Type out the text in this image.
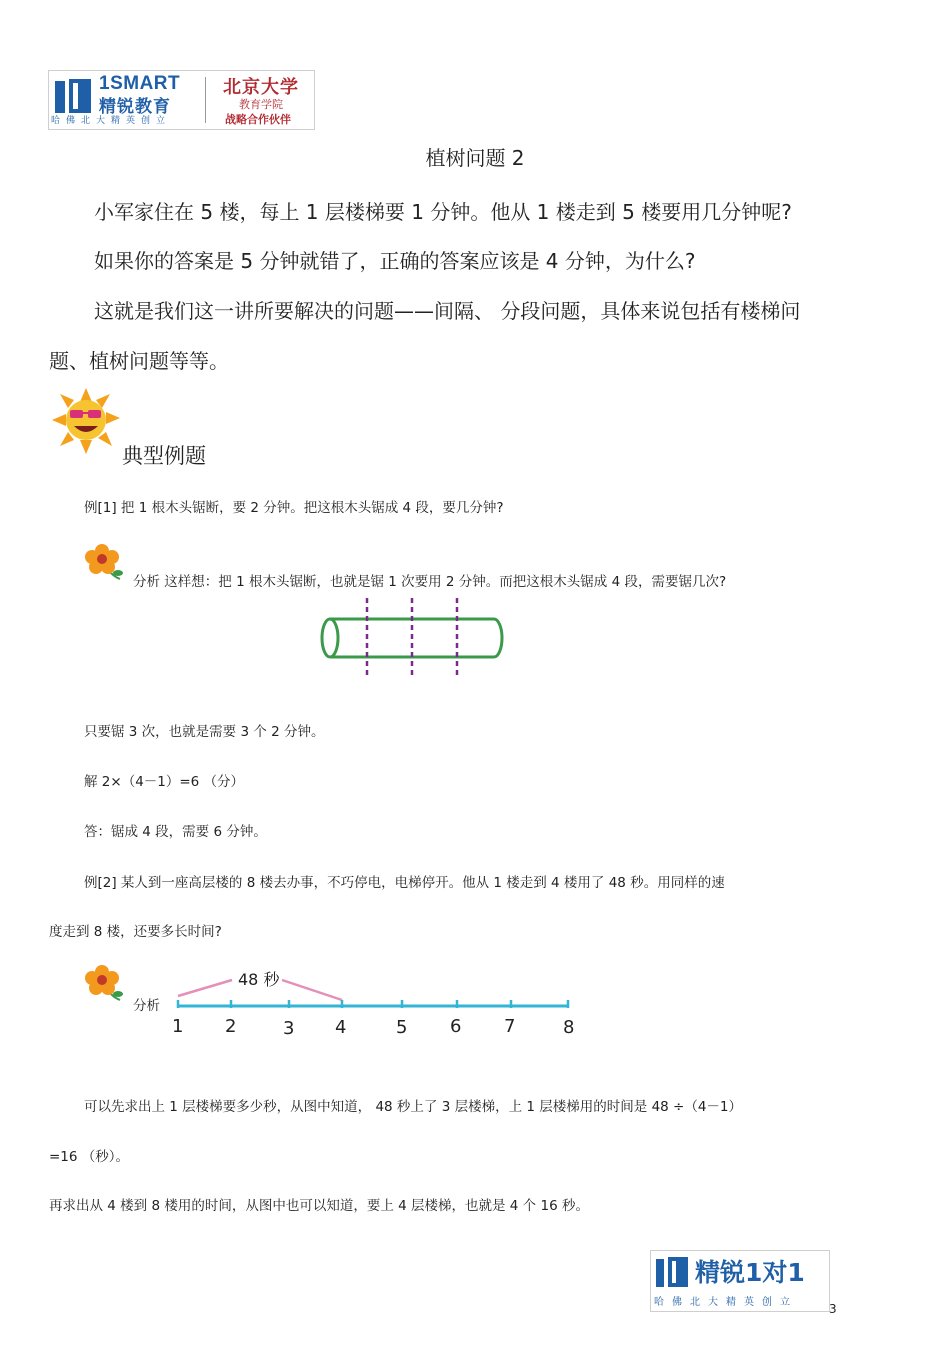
1SMART
精锐教育
哈佛北大精英创立
北京大学
教育学院
战略合作伙伴
植树问题 2
小军家住在 5 楼，每上 1 层楼梯要 1 分钟。他从 1 楼走到 5 楼要用几分钟呢?
如果你的答案是 5 分钟就错了，正确的答案应该是 4 分钟，为什么?
这就是我们这一讲所要解决的问题——间隔、 分段问题，具体来说包括有楼梯问
题、植树问题等等。
典型例题
例[1] 把 1 根木头锯断，要 2 分钟。把这根木头锯成 4 段，要几分钟?
分析 这样想：把 1 根木头锯断，也就是锯 1 次要用 2 分钟。而把这根木头锯成 4 段，需要锯几次?
只要锯 3 次，也就是需要 3 个 2 分钟。
解 2×（4－1）=6 （分）
答：锯成 4 段，需要 6 分钟。
例[2] 某人到一座高层楼的 8 楼去办事，不巧停电，电梯停开。他从 1 楼走到 4 楼用了 48 秒。用同样的速
度走到 8 楼，还要多长时间?
分析
48 秒
1 2	3 4	5 6 7	8
可以先求出上 1 层楼梯要多少秒，从图中知道， 48 秒上了 3 层楼梯，上 1 层楼梯用的时间是 48 ÷（4－1）
=16 （秒）。
再求出从 4 楼到 8 楼用的时间，从图中也可以知道，要上 4 层楼梯，也就是 4 个 16 秒。
精锐1对1
哈佛北大精英创立	3
